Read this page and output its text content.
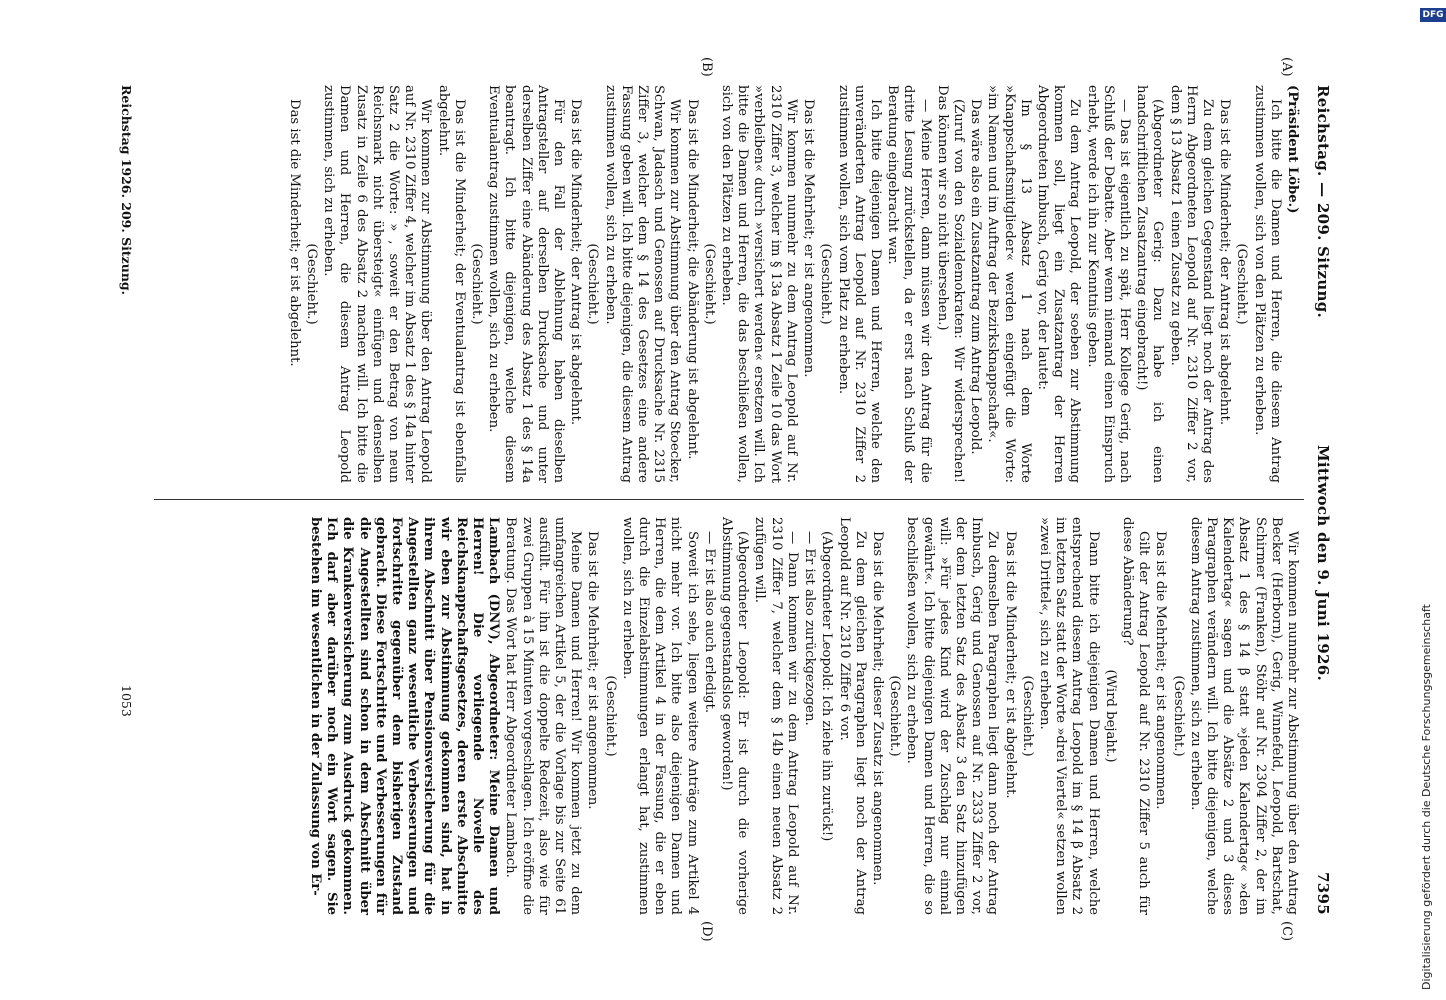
Reichstag. — 209. Sitzung.
Mittwoch den 9. Juni 1926.
7395
(A)
(B)
(C)
(D)

(Präsident Löbe.)

Ich bitte die Damen und Herren, die diesem Antrag zustimmen wollen, sich von den Plätzen zu erheben.

(Geschieht.)

Das ist die Minderheit; der Antrag ist abgelehnt.

Zu dem gleichen Gegenstand liegt noch der Antrag des Herrn Abgeordneten Leopold auf Nr. 2310 Ziffer 2 vor, dem § 13 Absatz 1 einen Zusatz zu geben.

(Abgeordneter Gerig: Dazu habe ich einen handschriftlichen Zusatzantrag eingebracht!)

— Das ist eigentlich zu spät, Herr Kollege Gerig, nach Schluß der Debatte. Aber wenn niemand einen Einspruch erhebt, werde ich ihn zur Kenntnis geben.

Zu dem Antrag Leopold, der soeben zur Abstimmung kommen soll, liegt ein Zusatzantrag der Herren Abgeordneten Imbusch, Gerig vor, der lautet:

Im § 13 Absatz 1 nach dem Worte »Knappschaftsmitglieder« werden eingefügt die Worte: »im Namen und im Auftrag der Bezirksknappschaft«.

Das wäre also ein Zusatzantrag zum Antrag Leopold.

(Zuruf von den Sozialdemokraten: Wir widersprechen! Das können wir so nicht übersehen.)

— Meine Herren, dann müssen wir den Antrag für die dritte Lesung zurückstellen, da er erst nach Schluß der Beratung eingebracht war.

Ich bitte diejenigen Damen und Herren, welche den unveränderten Antrag Leopold auf Nr. 2310 Ziffer 2 zustimmen wollen, sich vom Platz zu erheben.

(Geschieht.)

Das ist die Mehrheit; er ist angenommen.

Wir kommen nunmehr zu dem Antrag Leopold auf Nr. 2310 Ziffer 3, welcher im § 13a Absatz 1 Zeile 10 das Wort »verbleiben« durch »versichert werden« ersetzen will. Ich bitte die Damen und Herren, die das beschließen wollen, sich von den Plätzen zu erheben.

(Geschieht.)

Das ist die Minderheit; die Abänderung ist abgelehnt.

Wir kommen zur Abstimmung über den Antrag Stoecker, Schwan, Jadasch und Genossen auf Drucksache Nr. 2315 Ziffer 3, welcher dem § 14 des Gesetzes eine andere Fassung geben will. Ich bitte diejenigen, die diesem Antrag zustimmen wollen, sich zu erheben.

(Geschieht.)

Das ist die Minderheit; der Antrag ist abgelehnt.

Für den Fall der Ablehnung haben dieselben Antragsteller auf derselben Drucksache und unter derselben Ziffer eine Abänderung des Absatz 1 des § 14a beantragt. Ich bitte diejenigen, welche diesem Eventualantrag zustimmen wollen, sich zu erheben.

(Geschieht.)

Das ist die Minderheit; der Eventualantrag ist ebenfalls abgelehnt.

Wir kommen zur Abstimmung über den Antrag Leopold auf Nr. 2310 Ziffer 4, welcher im Absatz 1 des § 14a hinter Satz 2 die Worte: » , soweit er den Betrag von neun Reichsmark nicht übersteigt« einfügen und denselben Zusatz in Zeile 6 des Absatz 2 machen will. Ich bitte die Damen und Herren, die diesem Antrag Leopold zustimmen, sich zu erheben.

(Geschieht.)

Das ist die Minderheit; er ist abgelehnt.

Wir kommen nunmehr zur Abstimmung über den Antrag Becker (Herborn), Gerig, Winnefeld, Leopold, Bartschat, Schirmer (Franken), Stöhr auf Nr. 2304 Ziffer 2, der im Absatz 1 des § 14 β statt »jeden Kalendertag« »den Kalendertag« sagen und die Absätze 2 und 3 dieses Paragraphen verändern will. Ich bitte diejenigen, welche diesem Antrag zustimmen, sich zu erheben.

(Geschieht.)

Das ist die Mehrheit; er ist angenommen.

Gilt der Antrag Leopold auf Nr. 2310 Ziffer 5 auch für diese Abänderung?

(Wird bejaht.)

Dann bitte ich diejenigen Damen und Herren, welche entsprechend diesem Antrag Leopold im § 14 β Absatz 2 im letzten Satz statt der Worte »drei Viertel« setzen wollen »zwei Drittel«, sich zu erheben.

(Geschieht.)

Das ist die Minderheit; er ist abgelehnt.

Zu demselben Paragraphen liegt dann noch der Antrag Imbusch, Gerig und Genossen auf Nr. 2333 Ziffer 2 vor, der dem letzten Satz des Absatz 3 den Satz hinzufügen will: »Für jedes Kind wird der Zuschlag nur einmal gewährt«. Ich bitte diejenigen Damen und Herren, die so beschließen wollen, sich zu erheben.

(Geschieht.)

Das ist die Mehrheit; dieser Zusatz ist angenommen.

Zu dem gleichen Paragraphen liegt noch der Antrag Leopold auf Nr. 2310 Ziffer 6 vor.

(Abgeordneter Leopold: Ich ziehe ihn zurück!)

— Er ist also zurückgezogen.

— Dann kommen wir zu dem Antrag Leopold auf Nr. 2310 Ziffer 7, welcher dem § 14b einen neuen Absatz 2 zufügen will.

(Abgeordneter Leopold: Er ist durch die vorherige Abstimmung gegenstandslos geworden!)

— Er ist also auch erledigt.

Soweit ich sehe, liegen weitere Anträge zum Artikel 4 nicht mehr vor. Ich bitte also diejenigen Damen und Herren, die dem Artikel 4 in der Fassung, die er eben durch die Einzelabstimmungen erlangt hat, zustimmen wollen, sich zu erheben.

(Geschieht.)

Das ist die Mehrheit; er ist angenommen.

Meine Damen und Herren! Wir kommen jetzt zu dem umfangreichen Artikel 5, der die Vorlage bis zur Seite 61 ausfüllt. Für ihn ist die doppelte Redezeit, also wie für zwei Gruppen à 15 Minuten vorgeschlagen. Ich eröffne die Beratung. Das Wort hat Herr Abgeordneter Lambach.

Lambach (DNV), Abgeordneter: Meine Damen und Herren! Die vorliegende Novelle des Reichsknappschaftsgesetzes, deren erste Abschnitte wir eben zur Abstimmung gekommen sind, hat in ihrem Abschnitt über Pensionsversicherung für die Angestellten ganz wesentliche Verbesserungen und Fortschritte gegenüber dem bisherigen Zustand gebracht. Diese Fortschritte und Verbesserungen für die Angestellten sind schon in dem Abschnitt über die Krankenversicherung zum Ausdruck gekommen. Ich darf aber darüber noch ein Wort sagen. Sie bestehen im wesentlichen in der Zulassung von Er-

Reichstag 1926. 209. Sitzung.
1053	Digitalisierung gefördert durch die Deutsche Forschungsgemeinschaft
DFG
